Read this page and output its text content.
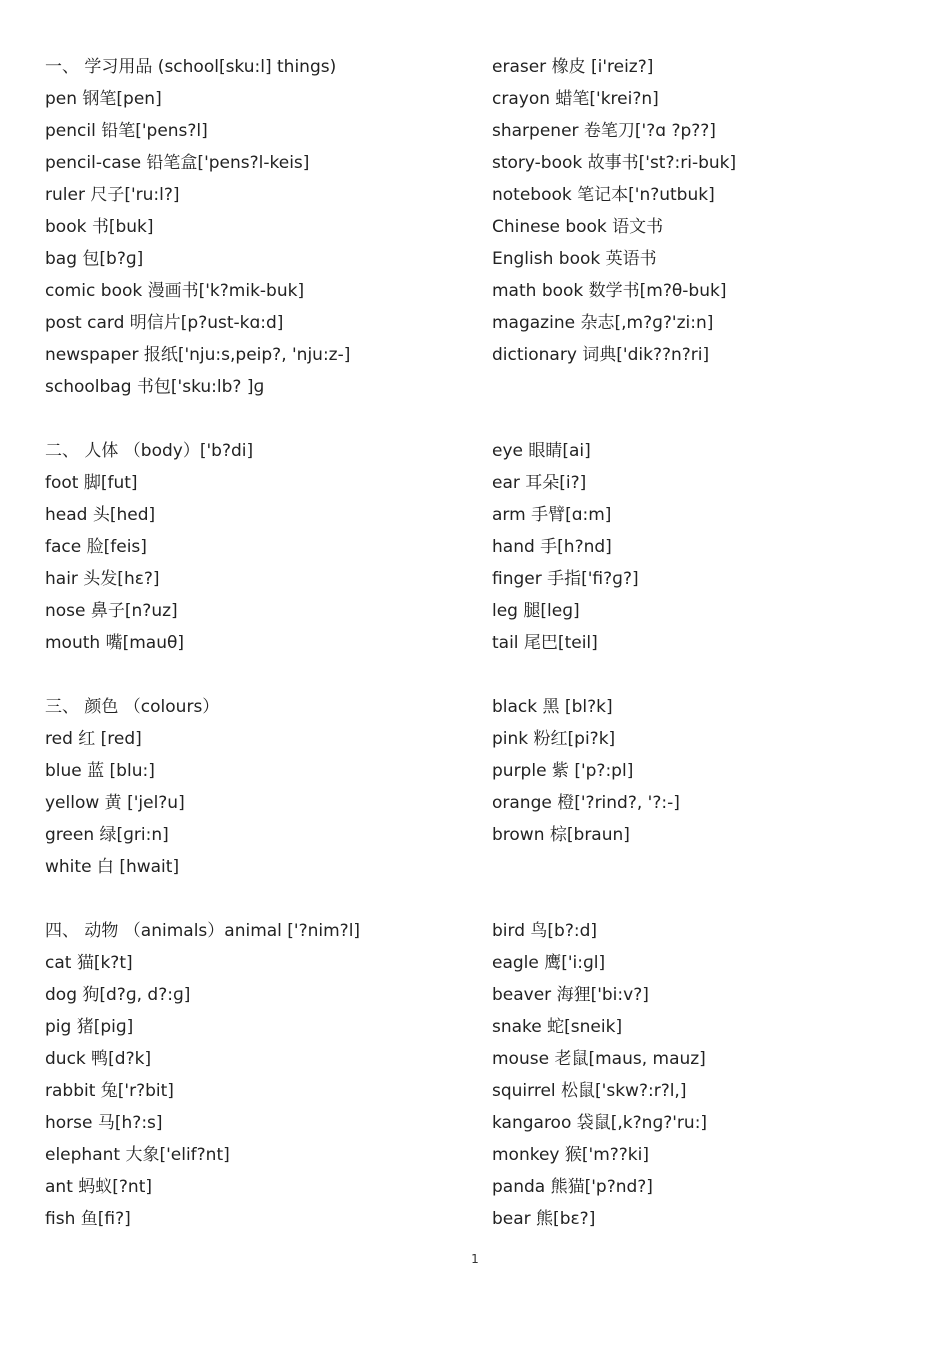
一、 学习用品 (school[sku:l] things)
pen 钢笔[pen]
pencil 铅笔['pens?l]
pencil-case 铅笔盒['pens?l-keis]
ruler 尺子['ru:l?]
book 书[buk]
bag 包[b?ɡ]
comic book 漫画书['k?mik-buk]
post card 明信片[p?ust-kɑ:d]
newspaper 报纸['nju:s,peip?, 'nju:z-]
schoolbag 书包['sku:lb? ]ɡ
二、 人体 （body）['b?di]
foot 脚[fut]
head 头[hed]
face 脸[feis]
hair 头发[hɛ?]
nose 鼻子[n?uz]
mouth 嘴[mauθ]
三、 颜色 （colours）
red 红 [red]
blue 蓝 [blu:]
yellow 黄 ['jel?u]
green 绿[ɡri:n]
white 白 [hwait]
四、 动物 （animals）animal ['?nim?l]
cat 猫[k?t]
dog 狗[d?ɡ, d?:ɡ]
pig 猪[piɡ]
duck 鸭[d?k]
rabbit 兔['r?bit]
horse 马[h?:s]
elephant 大象['elif?nt]
ant 蚂蚁[?nt]
fish 鱼[fi?]
eraser 橡皮 [i'reiz?]
crayon 蜡笔['krei?n]
sharpener 卷笔刀['?ɑ ?p??]
story-book 故事书['st?:ri-buk]
notebook 笔记本['n?utbuk]
Chinese book 语文书
English book 英语书
math book 数学书[m?θ-buk]
magazine 杂志[,m?ɡ?'zi:n]
dictionary 词典['dik??n?ri]
eye 眼睛[ai]
ear 耳朵[i?]
arm 手臂[ɑ:m]
hand 手[h?nd]
finger 手指['fi?ɡ?]
leg 腿[leɡ]
tail 尾巴[teil]
black 黑 [bl?k]
pink 粉红[pi?k]
purple 紫 ['p?:pl]
orange 橙['?rind?, '?:-]
brown 棕[braun]
bird 鸟[b?:d]
eagle 鹰['i:ɡl]
beaver 海狸['bi:v?]
snake 蛇[sneik]
mouse 老鼠[maus, mauz]
squirrel 松鼠['skw?:r?l,]
kangaroo 袋鼠[,k?nɡ?'ru:]
monkey 猴['m??ki]
panda 熊猫['p?nd?]
bear 熊[bɛ?]
1
